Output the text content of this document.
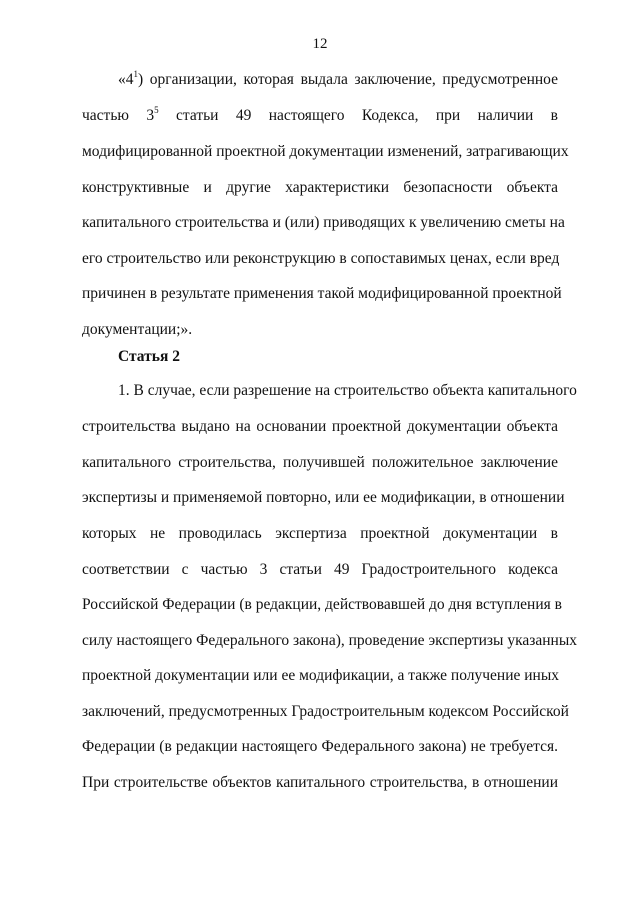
12
«$4^1$) организации, которая выдала заключение, предусмотренное
частью $3^5$ статьи 49 настоящего Кодекса, при наличии в
модифицированной проектной документации изменений, затрагивающих
конструктивные и другие характеристики безопасности объекта
капитального строительства и (или) приводящих к увеличению сметы на
его строительство или реконструкцию в сопоставимых ценах, если вред
причинен в результате применения такой модифицированной проектной
документации;».
Статья 2
1. В случае, если разрешение на строительство объекта капитального
строительства выдано на основании проектной документации объекта
капитального строительства, получившей положительное заключение
экспертизы и применяемой повторно, или ее модификации, в отношении
которых не проводилась экспертиза проектной документации в
соответствии с частью 3 статьи 49 Градостроительного кодекса
Российской Федерации (в редакции, действовавшей до дня вступления в
силу настоящего Федерального закона), проведение экспертизы указанных
проектной документации или ее модификации, а также получение иных
заключений, предусмотренных Градостроительным кодексом Российской
Федерации (в редакции настоящего Федерального закона) не требуется.
При строительстве объектов капитального строительства, в отношении
